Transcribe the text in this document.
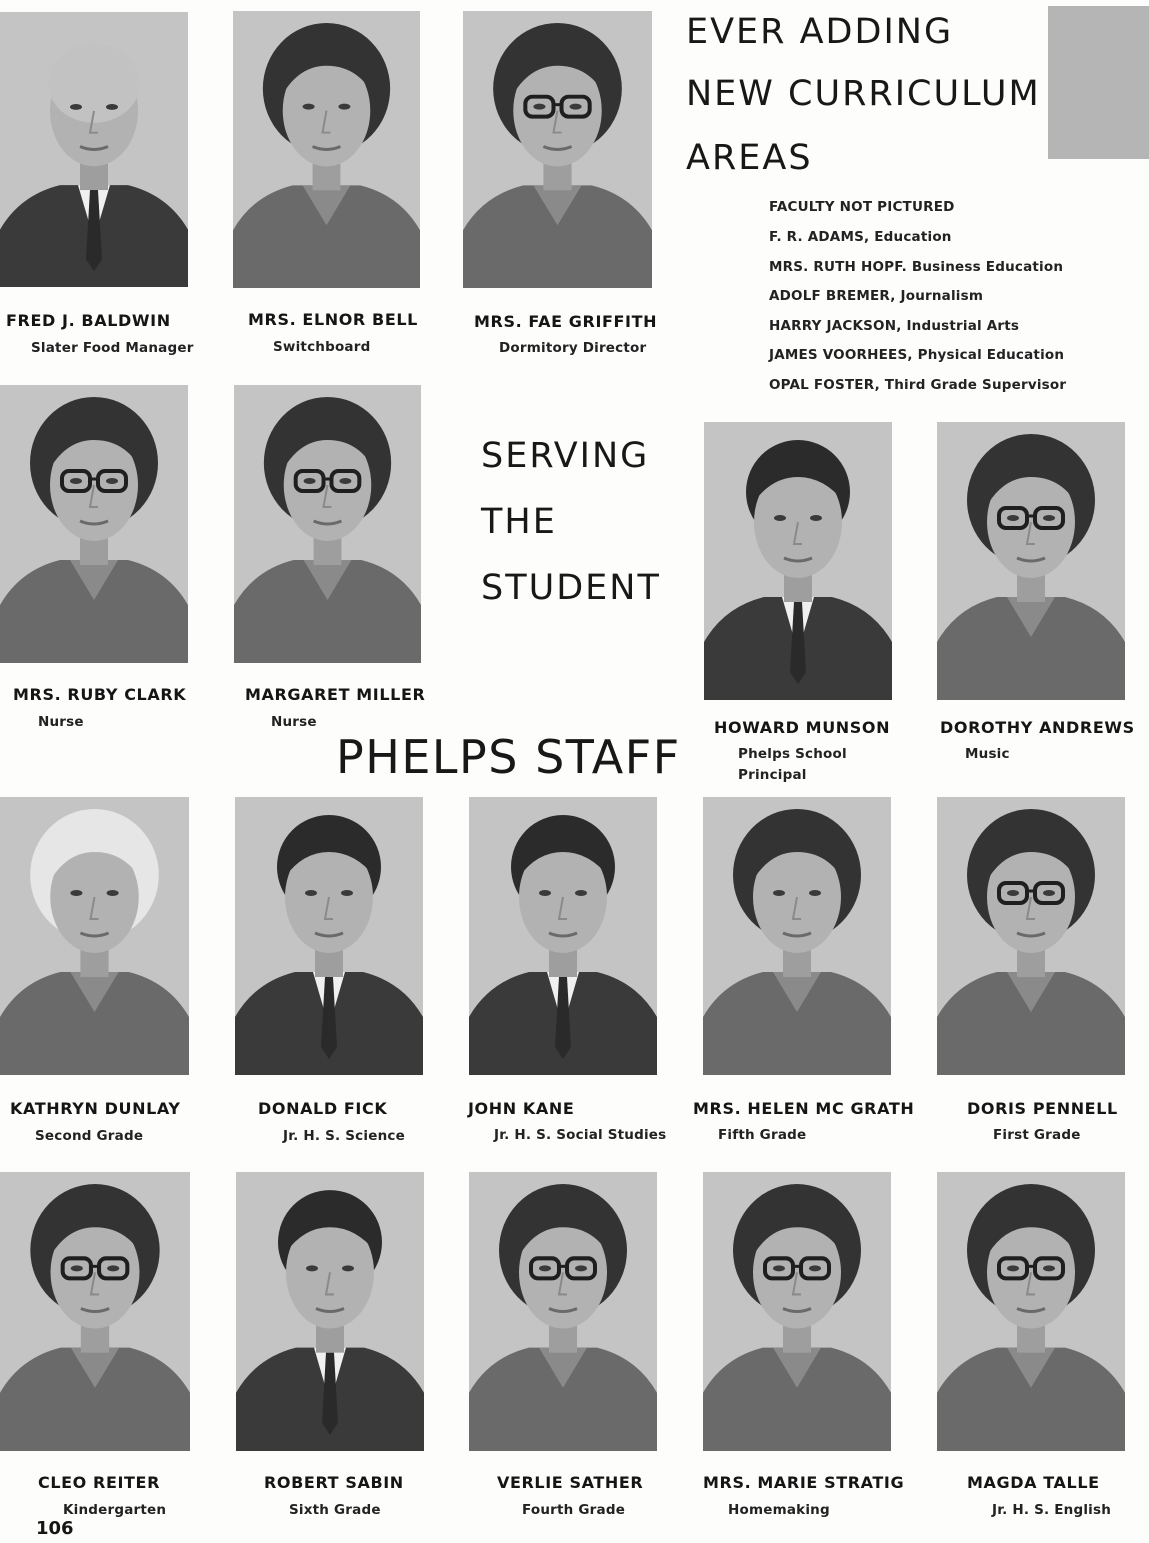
EVER ADDING
NEW CURRICULUM
AREAS
FACULTY NOT PICTURED
F. R. ADAMS, Education
MRS. RUTH HOPF. Business Education
ADOLF BREMER, Journalism
HARRY JACKSON, Industrial Arts
JAMES VOORHEES, Physical Education
OPAL FOSTER, Third Grade Supervisor
SERVING
THE
STUDENT
PHELPS STAFF
FRED J. BALDWIN
Slater Food Manager
MRS. ELNOR BELL
Switchboard
MRS. FAE GRIFFITH
Dormitory Director
MRS. RUBY CLARK
Nurse
MARGARET MILLER
Nurse	HOWARD MUNSON
Phelps School
Principal
DOROTHY ANDREWS
Music
KATHRYN DUNLAY
Second Grade
DONALD FICK
Jr. H. S. Science
JOHN KANE
Jr. H. S. Social Studies
MRS. HELEN MC GRATH
Fifth Grade
DORIS PENNELL
First Grade
CLEO REITER
Kindergarten
ROBERT SABIN
Sixth Grade
VERLIE SATHER
Fourth Grade
MRS. MARIE STRATIG
Homemaking
MAGDA TALLE
Jr. H. S. English
106
